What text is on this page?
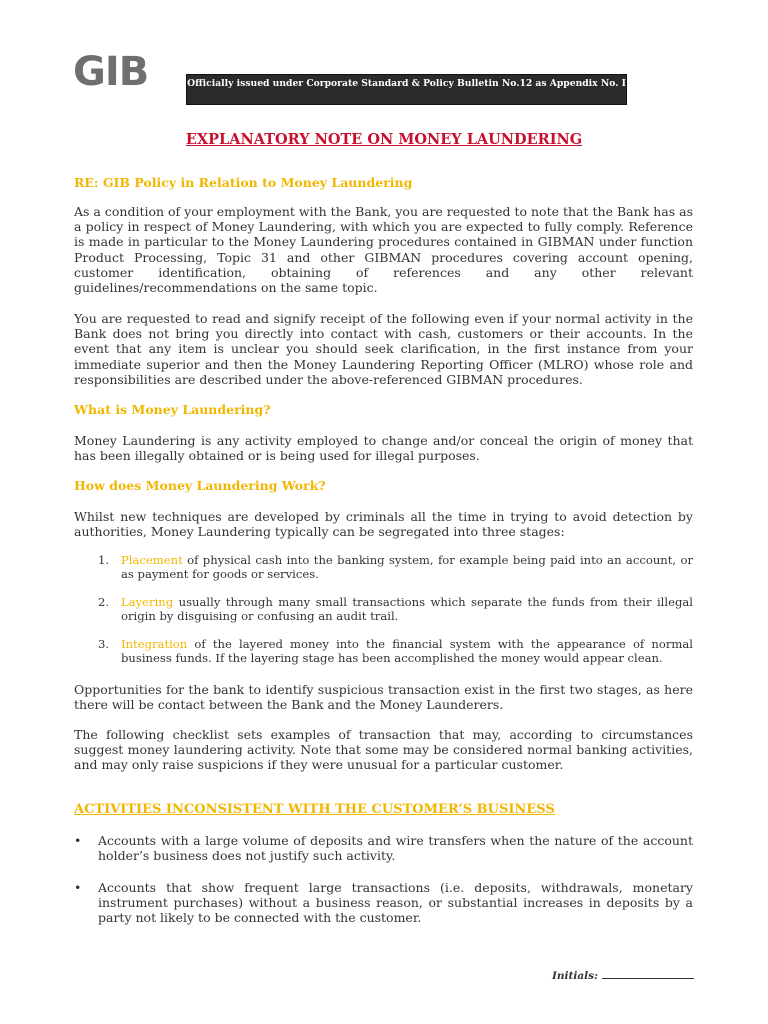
GIB	Officially issued under Corporate Standard & Policy Bulletin No.12 as Appendix No. I
EXPLANATORY NOTE ON MONEY LAUNDERING
RE: GIB Policy in Relation to Money Laundering
As a condition of your employment with the Bank, you are requested to note that the Bank has as a policy in respect of Money Laundering, with which you are expected to fully comply. Reference is made in particular to the Money Laundering procedures contained in GIBMAN under function Product Processing, Topic 31 and other GIBMAN procedures covering account opening, customer identification, obtaining of references and any other relevant guidelines/recommendations on the same topic.
You are requested to read and signify receipt of the following even if your normal activity in the Bank does not bring you directly into contact with cash, customers or their accounts. In the event that any item is unclear you should seek clarification, in the first instance from your immediate superior and then the Money Laundering Reporting Officer (MLRO) whose role and responsibilities are described under the above-referenced GIBMAN procedures.
What is Money Laundering?
Money Laundering is any activity employed to change and/or conceal the origin of money that has been illegally obtained or is being used for illegal purposes.
How does Money Laundering Work?
Whilst new techniques are developed by criminals all the time in trying to avoid detection by authorities, Money Laundering typically can be segregated into three stages:
1.	Placement of physical cash into the banking system, for example being paid into an account, or as payment for goods or services.
2.	Layering usually through many small transactions which separate the funds from their illegal origin by disguising or confusing an audit trail.
3.	Integration of the layered money into the financial system with the appearance of normal business funds. If the layering stage has been accomplished the money would appear clean.
Opportunities for the bank to identify suspicious transaction exist in the first two stages, as here there will be contact between the Bank and the Money Launderers.
The following checklist sets examples of transaction that may, according to circumstances suggest money laundering activity. Note that some may be considered normal banking activities, and may only raise suspicions if they were unusual for a particular customer.
ACTIVITIES INCONSISTENT WITH THE CUSTOMER’S BUSINESS
• Accounts with a large volume of deposits and wire transfers when the nature of the account holder’s business does not justify such activity.
• Accounts that show frequent large transactions (i.e. deposits, withdrawals, monetary instrument purchases) without a business reason, or substantial increases in deposits by a party not likely to be connected with the customer.
Initials:
